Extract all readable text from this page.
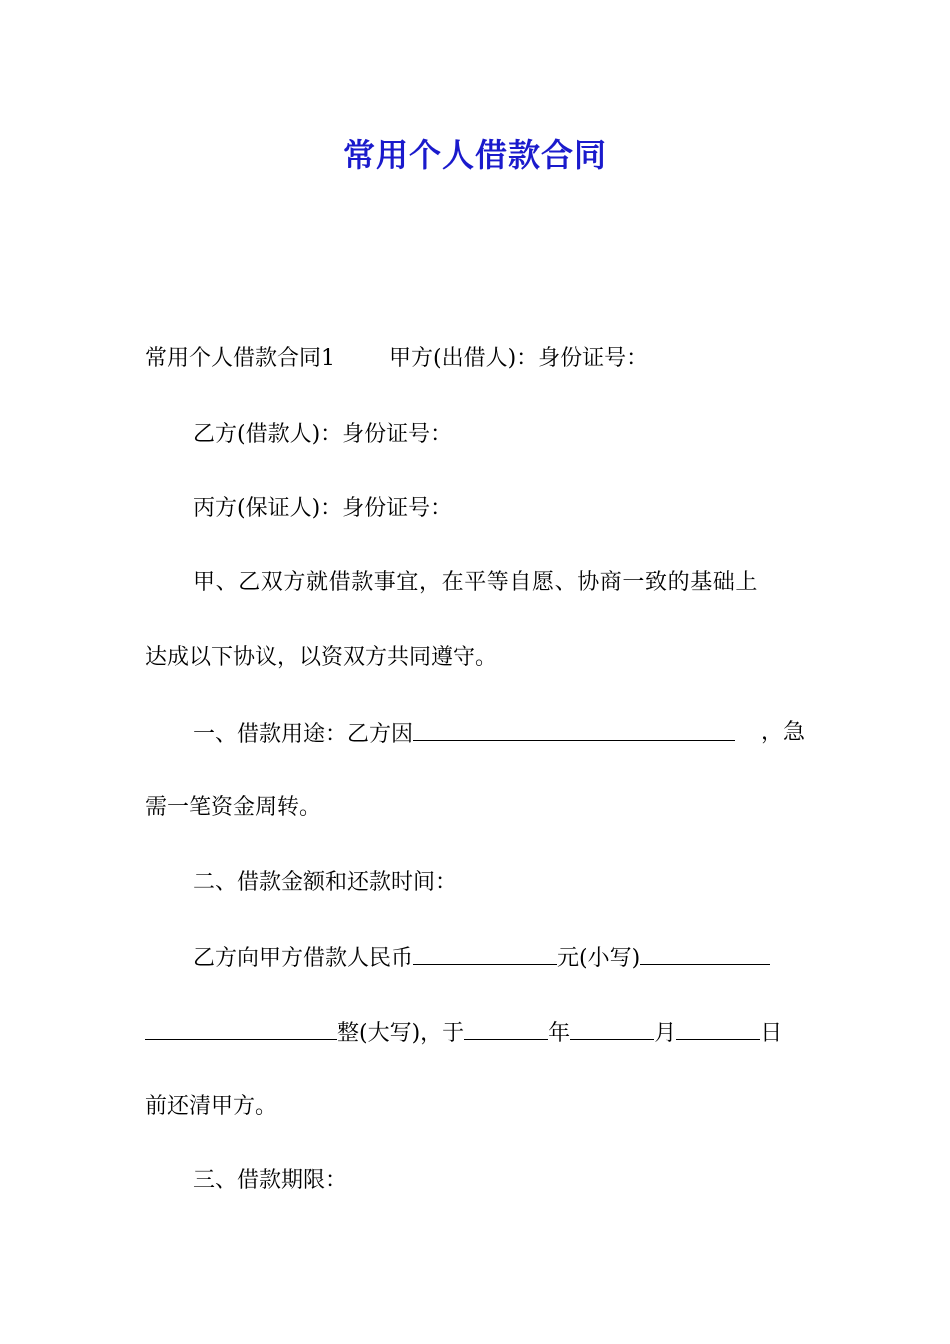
常用个人借款合同
常用个人借款合同1 甲方(出借人)：身份证号：
乙方(借款人)：身份证号：
丙方(保证人)：身份证号：
甲、乙双方就借款事宜，在平等自愿、协商一致的基础上
达成以下协议，以资双方共同遵守。
一、借款用途：乙方因	，急
需一笔资金周转。
二、借款金额和还款时间：
乙方向甲方借款人民币	元(小写)
整(大写)，于	年	月	日
前还清甲方。
三、借款期限：
